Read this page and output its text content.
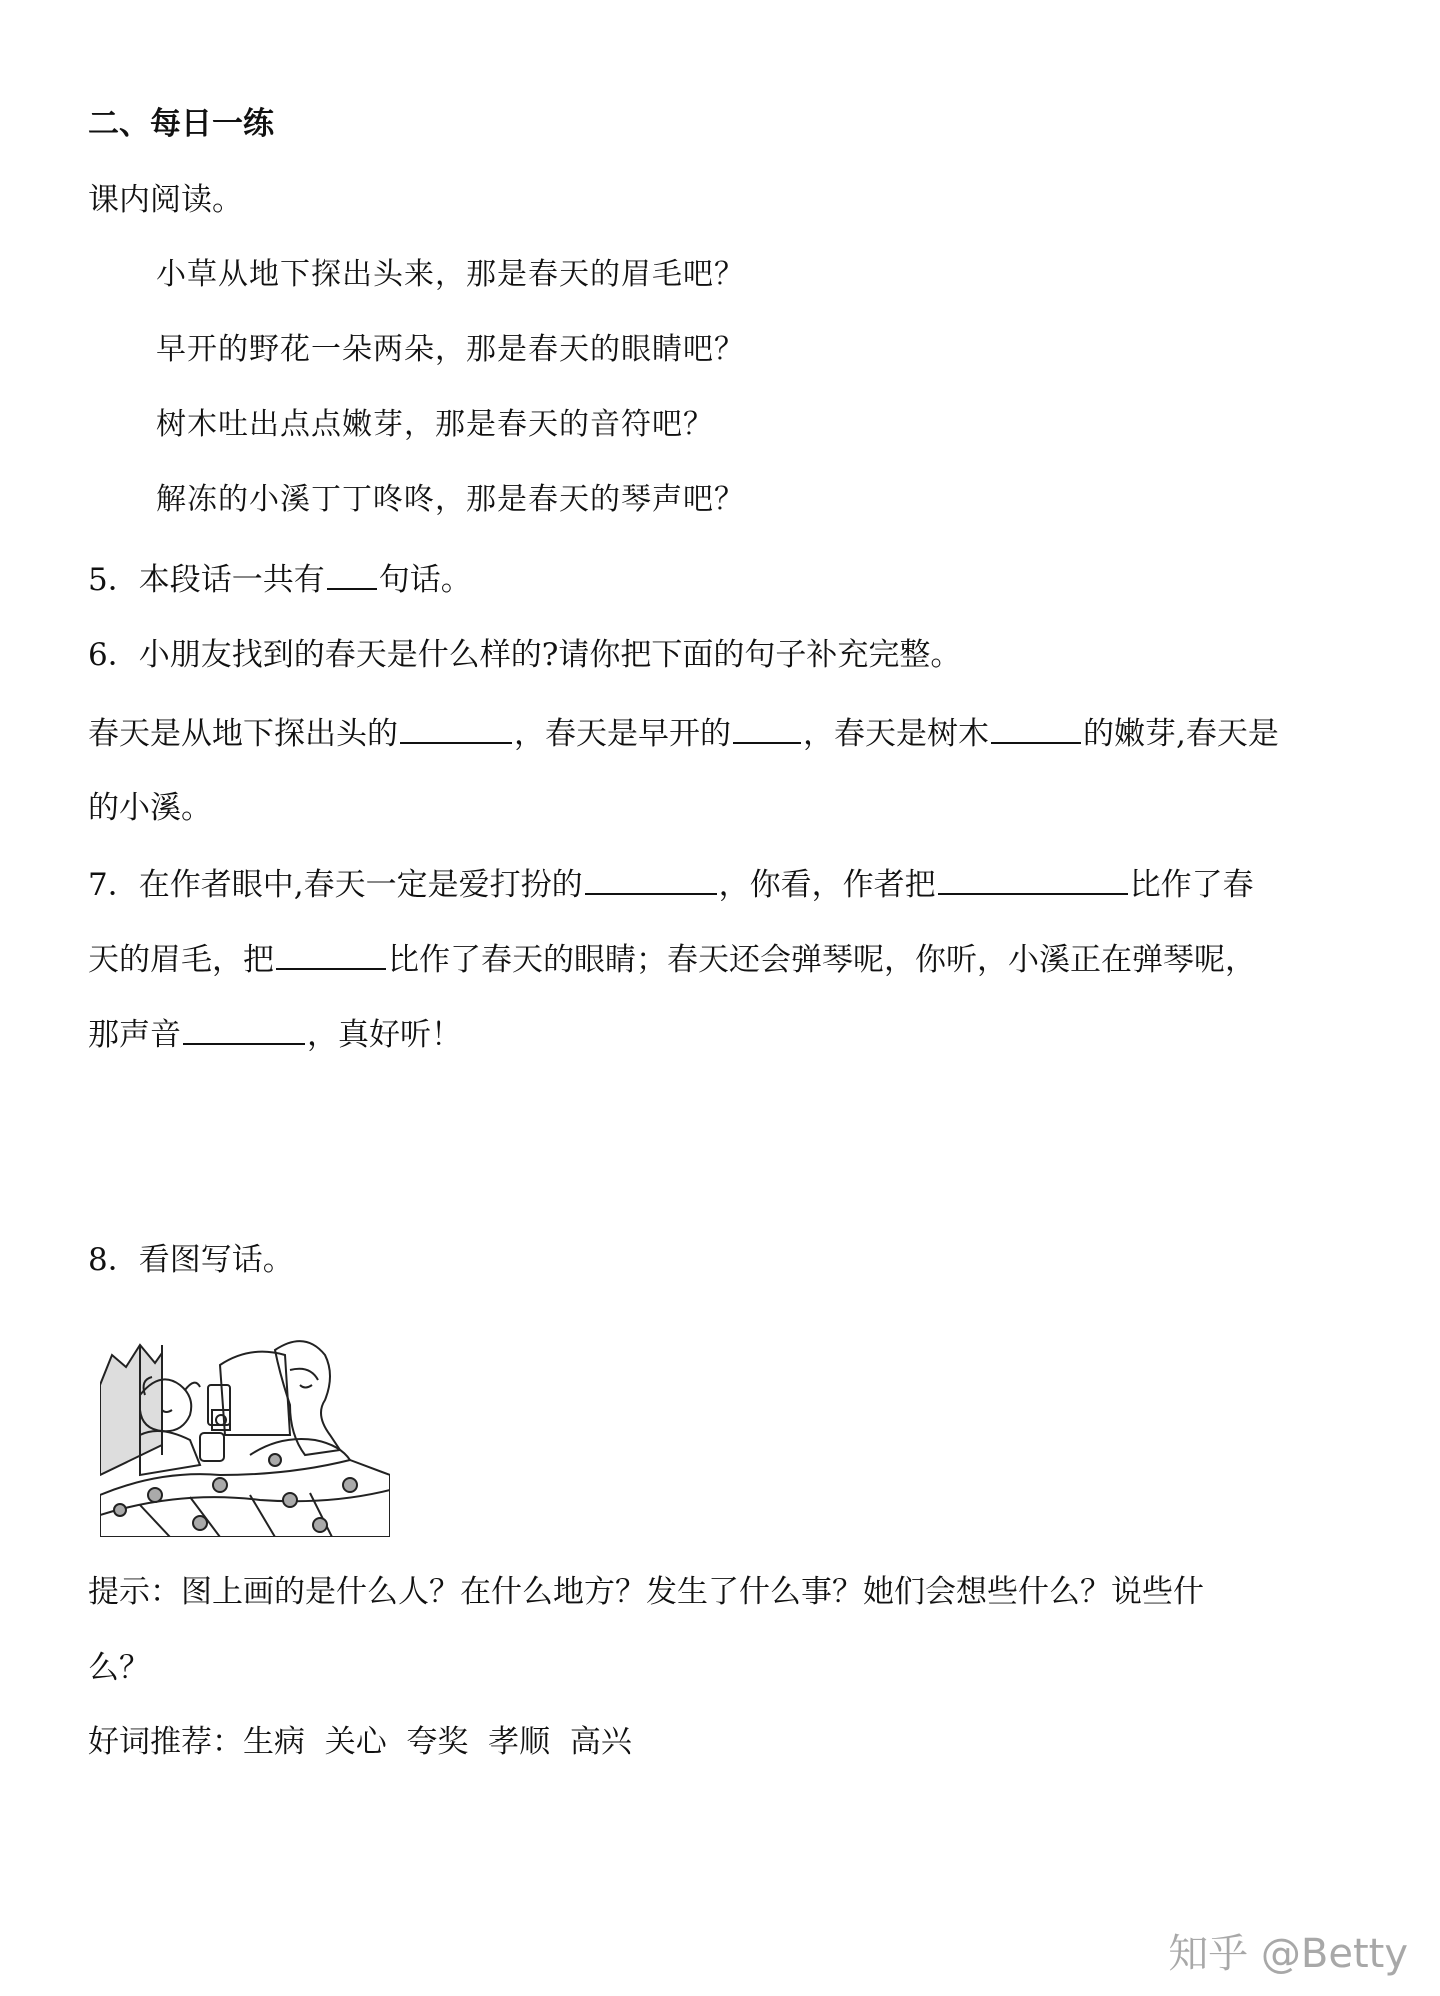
二、每日一练
课内阅读。
小草从地下探出头来，那是春天的眉毛吧？
早开的野花一朵两朵，那是春天的眼睛吧？
树木吐出点点嫩芽，那是春天的音符吧？
解冻的小溪丁丁咚咚，那是春天的琴声吧？
5．本段话一共有 句话。
6．小朋友找到的春天是什么样的?请你把下面的句子补充完整。
春天是从地下探出头的	，春天是早开的 ，春天是树木	的嫩芽,春天是
的小溪。
7．在作者眼中,春天一定是爱打扮的	，你看，作者把	比作了春
天的眉毛，把	比作了春天的眼睛；春天还会弹琴呢，你听，小溪正在弹琴呢，
那声音	，真好听！
8．看图写话。
提示：图上画的是什么人？在什么地方？发生了什么事？她们会想些什么？说些什
么？
好词推荐：生病  关心  夸奖  孝顺  高兴
知乎 @Betty
